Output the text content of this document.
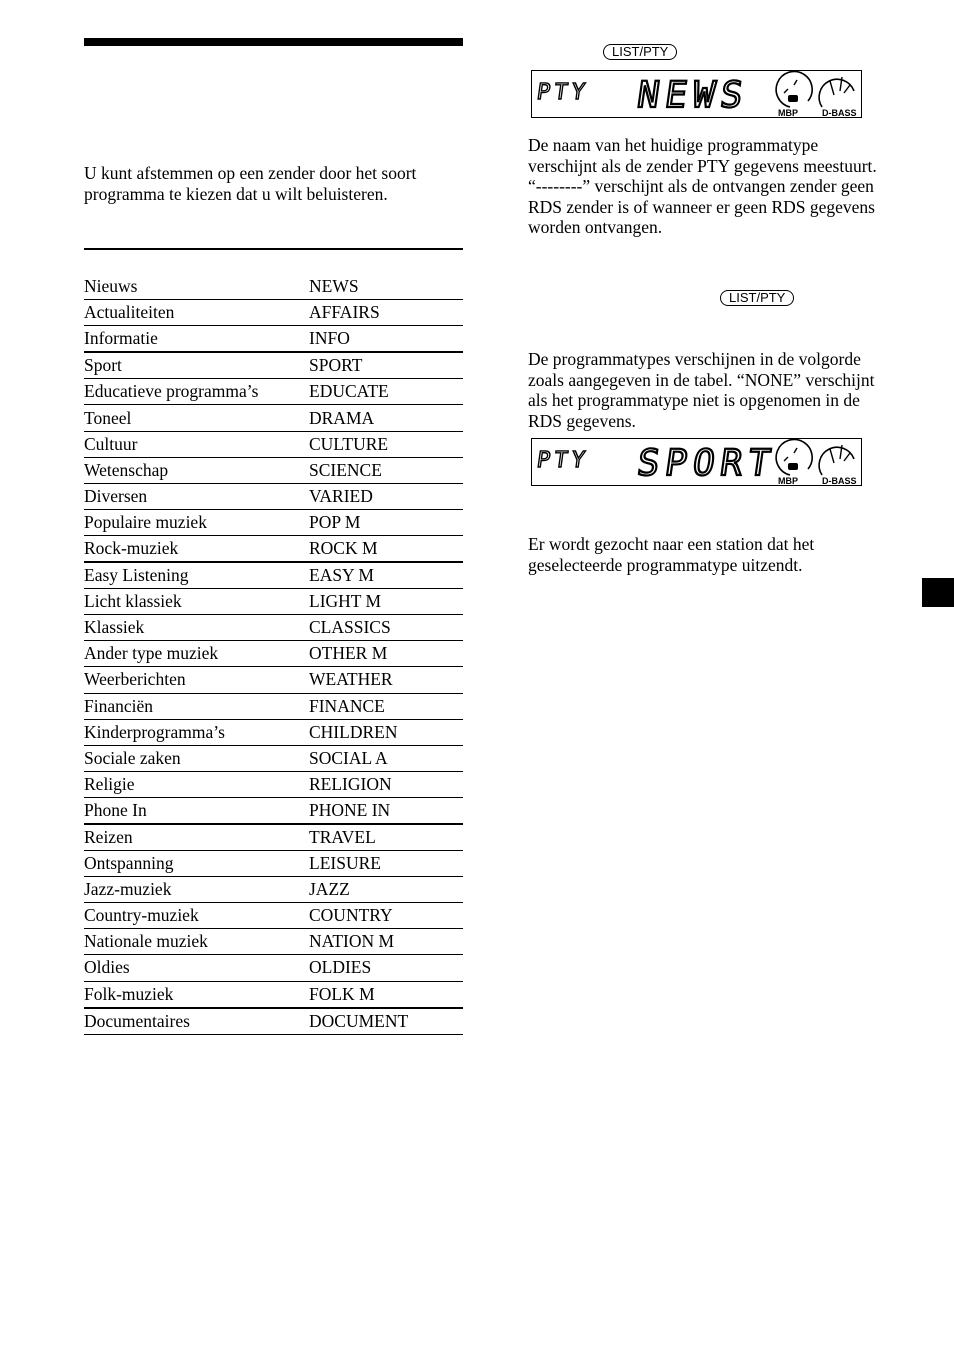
U kunt afstemmen op een zender door het soort programma te kiezen dat u wilt beluisteren.

Nieuws	NEWS
Actualiteiten	AFFAIRS
Informatie	INFO
Sport	SPORT
Educatieve programma’s	EDUCATE
Toneel	DRAMA
Cultuur	CULTURE
Wetenschap	SCIENCE
Diversen	VARIED
Populaire muziek	POP M
Rock-muziek	ROCK M
Easy Listening	EASY M
Licht klassiek	LIGHT M
Klassiek	CLASSICS
Ander type muziek	OTHER M
Weerberichten	WEATHER
Financiën	FINANCE
Kinderprogramma’s	CHILDREN
Sociale zaken	SOCIAL A
Religie	RELIGION
Phone In	PHONE IN
Reizen	TRAVEL
Ontspanning	LEISURE
Jazz-muziek	JAZZ
Country-muziek	COUNTRY
Nationale muziek	NATION M
Oldies	OLDIES
Folk-muziek	FOLK M
Documentaires	DOCUMENT
LIST/PTY
PTY NEWS	MBP	D-BASS

De naam van het huidige programmatype verschijnt als de zender PTY gegevens meestuurt. “--------” verschijnt als de ontvangen zender geen RDS zender is of wanneer er geen RDS gegevens worden ontvangen.

LIST/PTY

De programmatypes verschijnen in de volgorde zoals aangegeven in de tabel. “NONE” verschijnt als het programmatype niet is opgenomen in de RDS gegevens.

PTY SPORT
MBP	D-BASS

Er wordt gezocht naar een station dat het geselecteerde programmatype uitzendt.
